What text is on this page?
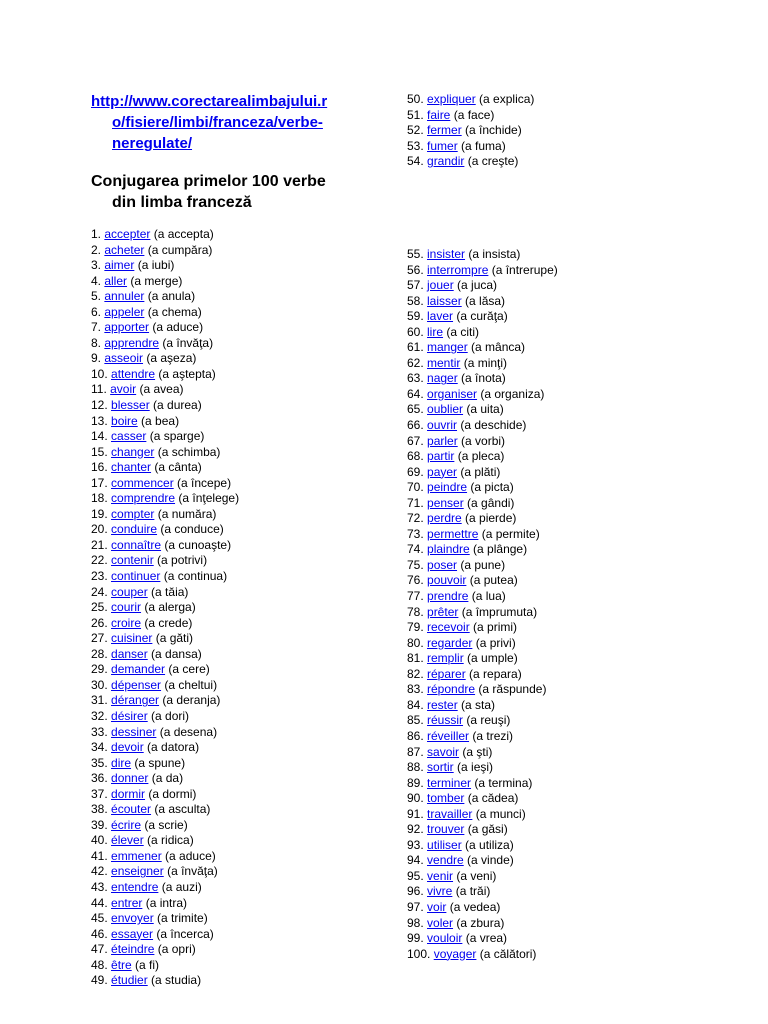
http://www.corectarealimbajului.r
o/fisiere/limbi/franceza/verbe-
neregulate/
Conjugarea primelor 100 verbe
din limba franceză
1. accepter (a accepta)
2. acheter (a cumpăra)
3. aimer (a iubi)
4. aller (a merge)
5. annuler (a anula)
6. appeler (a chema)
7. apporter (a aduce)
8. apprendre (a învăţa)
9. asseoir (a aşeza)
10. attendre (a aştepta)
11. avoir (a avea)
12. blesser (a durea)
13. boire (a bea)
14. casser (a sparge)
15. changer (a schimba)
16. chanter (a cânta)
17. commencer (a începe)
18. comprendre (a înţelege)
19. compter (a număra)
20. conduire (a conduce)
21. connaître (a cunoaşte)
22. contenir (a potrivi)
23. continuer (a continua)
24. couper (a tăia)
25. courir (a alerga)
26. croire (a crede)
27. cuisiner (a găti)
28. danser (a dansa)
29. demander (a cere)
30. dépenser (a cheltui)
31. déranger (a deranja)
32. désirer (a dori)
33. dessiner (a desena)
34. devoir (a datora)
35. dire (a spune)
36. donner (a da)
37. dormir (a dormi)
38. écouter (a asculta)
39. écrire (a scrie)
40. élever (a ridica)
41. emmener (a aduce)
42. enseigner (a învăţa)
43. entendre (a auzi)
44. entrer (a intra)
45. envoyer (a trimite)
46. essayer (a încerca)
47. éteindre (a opri)
48. être (a fi)
49. étudier (a studia)
50. expliquer (a explica)
51. faire (a face)
52. fermer (a închide)
53. fumer (a fuma)
54. grandir (a creşte)
55. insister (a insista)
56. interrompre (a întrerupe)
57. jouer (a juca)
58. laisser (a lăsa)
59. laver (a curăţa)
60. lire (a citi)
61. manger (a mânca)
62. mentir (a minţi)
63. nager (a înota)
64. organiser (a organiza)
65. oublier (a uita)
66. ouvrir (a deschide)
67. parler (a vorbi)
68. partir (a pleca)
69. payer (a plăti)
70. peindre (a picta)
71. penser (a gândi)
72. perdre (a pierde)
73. permettre (a permite)
74. plaindre (a plânge)
75. poser (a pune)
76. pouvoir (a putea)
77. prendre (a lua)
78. prêter (a împrumuta)
79. recevoir (a primi)
80. regarder (a privi)
81. remplir (a umple)
82. réparer (a repara)
83. répondre (a răspunde)
84. rester (a sta)
85. réussir (a reuşi)
86. réveiller (a trezi)
87. savoir (a şti)
88. sortir (a ieşi)
89. terminer (a termina)
90. tomber (a cădea)
91. travailler (a munci)
92. trouver (a găsi)
93. utiliser (a utiliza)
94. vendre (a vinde)
95. venir (a veni)
96. vivre (a trăi)
97. voir (a vedea)
98. voler (a zbura)
99. vouloir (a vrea)
100. voyager (a călători)
